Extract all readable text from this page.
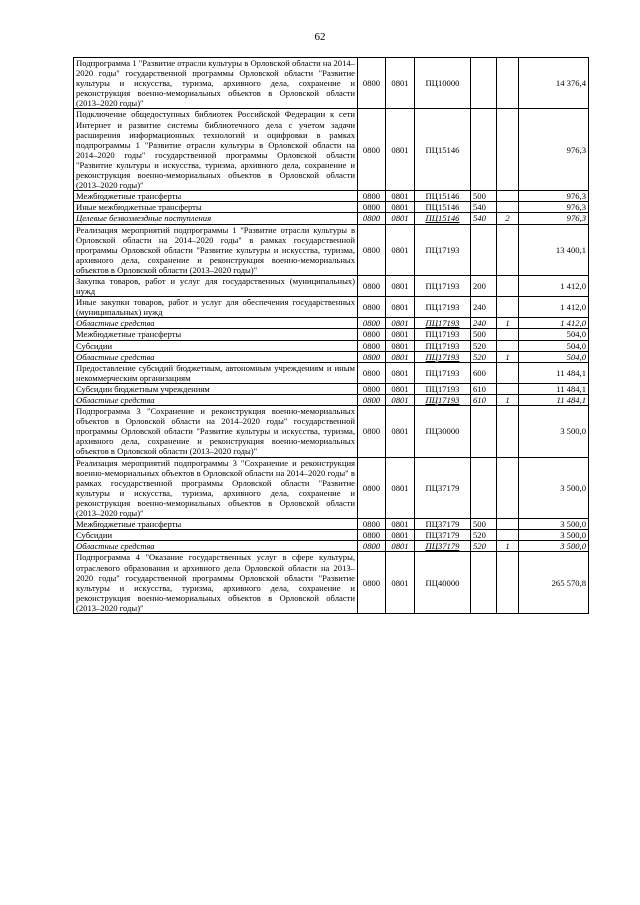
62
Подпрограмма 1 "Развитие отрасли культуры в Орловской области на 2014–2020 годы" государственной программы Орловской области "Развитие культуры и искусства, туризма, архивного дела, сохранение и реконструкция военно-мемориальных объектов в Орловской области (2013–2020 годы)"	0800	0801	ПЦ10000			14 376,4
Подключение общедоступных библиотек Российской Федерации к сети Интернет и развитие системы библиотечного дела с учетом задачи расширения информационных технологий и оцифровки в рамках подпрограммы 1 "Развитие отрасли культуры в Орловской области на 2014–2020 годы" государственной программы Орловской области "Развитие культуры и искусства, туризма, архивного дела, сохранение и реконструкция военно-мемориальных объектов в Орловской области (2013–2020 годы)"	0800	0801	ПЦ15146			976,3
Межбюджетные трансферты	0800	0801	ПЦ15146	500		976,3
Иные межбюджетные трансферты	0800	0801	ПЦ15146	540		976,3
Целевые безвозмездные поступления	0800	0801	ПЦ15146	540	2	976,3
Реализация мероприятий подпрограммы 1 "Развитие отрасли культуры в Орловской области на 2014–2020 годы" в рамках государственной программы Орловской области "Развитие культуры и искусства, туризма, архивного дела, сохранение и реконструкция военно-мемориальных объектов в Орловской области (2013–2020 годы)"	0800	0801	ПЦ17193			13 400,1
Закупка товаров, работ и услуг для государственных (муниципальных) нужд	0800	0801	ПЦ17193	200		1 412,0
Иные закупки товаров, работ и услуг для обеспечения государственных (муниципальных) нужд	0800	0801	ПЦ17193	240		1 412,0
Областные средства	0800	0801	ПЦ17193	240	1	1 412,0
Межбюджетные трансферты	0800	0801	ПЦ17193	500		504,0
Субсидии	0800	0801	ПЦ17193	520		504,0
Областные средства	0800	0801	ПЦ17193	520	1	504,0
Предоставление субсидий бюджетным, автономным учреждениям и иным некоммерческим организациям	0800	0801	ПЦ17193	600		11 484,1
Субсидии бюджетным учреждениям	0800	0801	ПЦ17193	610		11 484,1
Областные средства	0800	0801	ПЦ17193	610	1	11 484,1
Подпрограмма 3 "Сохранение и реконструкция военно-мемориальных объектов в Орловской области на 2014–2020 годы" государственной программы Орловской области "Развитие культуры и искусства, туризма, архивного дела, сохранение и реконструкция военно-мемориальных объектов в Орловской области (2013–2020 годы)"	0800	0801	ПЦ30000			3 500,0
Реализация мероприятий подпрограммы 3 "Сохранение и реконструкция военно-мемориальных объектов в Орловской области на 2014–2020 годы" в рамках государственной программы Орловской области "Развитие культуры и искусства, туризма, архивного дела, сохранение и реконструкция военно-мемориальных объектов в Орловской области (2013–2020 годы)"	0800	0801	ПЦ37179			3 500,0
Межбюджетные трансферты	0800	0801	ПЦ37179	500		3 500,0
Субсидии	0800	0801	ПЦ37179	520		3 500,0
Областные средства	0800	0801	ПЦ37179	520	1	3 500,0
Подпрограмма 4 "Оказание государственных услуг в сфере культуры, отраслевого образования и архивного дела Орловской области на 2013–2020 годы" государственной программы Орловской области "Развитие культуры и искусства, туризма, архивного дела, сохранение и реконструкция военно-мемориальных объектов в Орловской области (2013–2020 годы)"	0800	0801	ПЦ40000			265 570,8
